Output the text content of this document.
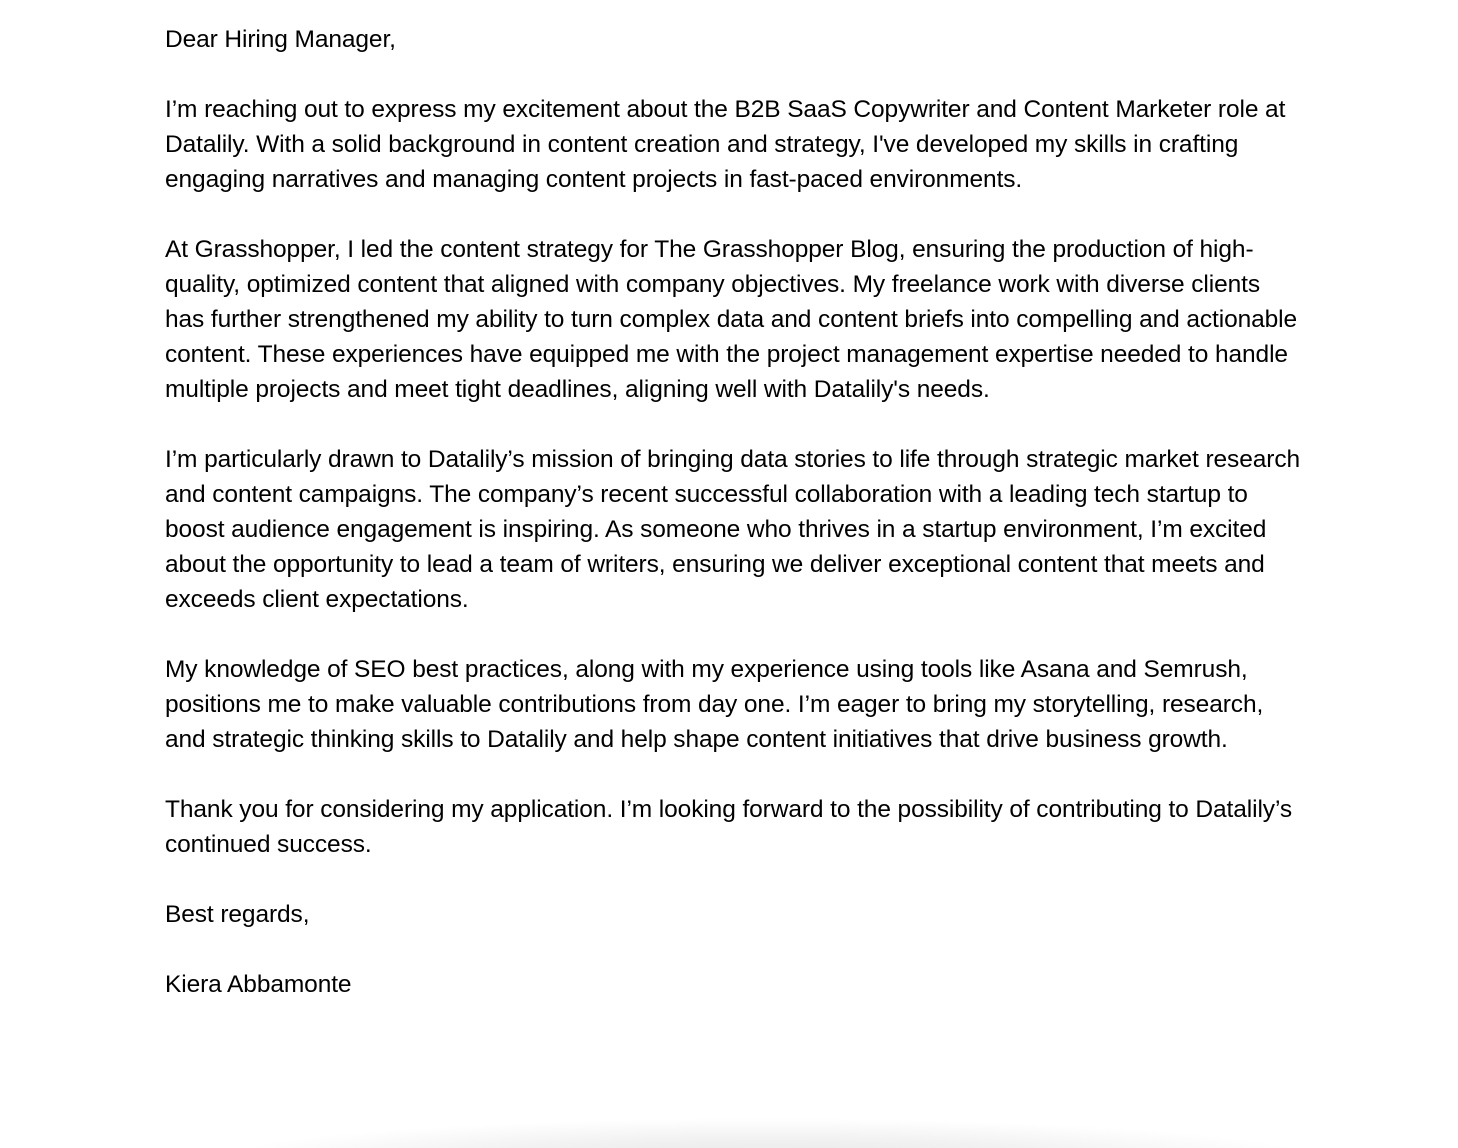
Dear Hiring Manager,

I’m reaching out to express my excitement about the B2B SaaS Copywriter and Content Marketer role at Datalily. With a solid background in content creation and strategy, I've developed my skills in crafting engaging narratives and managing content projects in fast-paced environments.

At Grasshopper, I led the content strategy for The Grasshopper Blog, ensuring the production of high-quality, optimized content that aligned with company objectives. My freelance work with diverse clients has further strengthened my ability to turn complex data and content briefs into compelling and actionable content. These experiences have equipped me with the project management expertise needed to handle multiple projects and meet tight deadlines, aligning well with Datalily's needs.

I’m particularly drawn to Datalily’s mission of bringing data stories to life through strategic market research and content campaigns. The company’s recent successful collaboration with a leading tech startup to boost audience engagement is inspiring. As someone who thrives in a startup environment, I’m excited about the opportunity to lead a team of writers, ensuring we deliver exceptional content that meets and exceeds client expectations.

My knowledge of SEO best practices, along with my experience using tools like Asana and Semrush, positions me to make valuable contributions from day one. I’m eager to bring my storytelling, research, and strategic thinking skills to Datalily and help shape content initiatives that drive business growth.

Thank you for considering my application. I’m looking forward to the possibility of contributing to Datalily’s continued success.

Best regards,

Kiera Abbamonte
